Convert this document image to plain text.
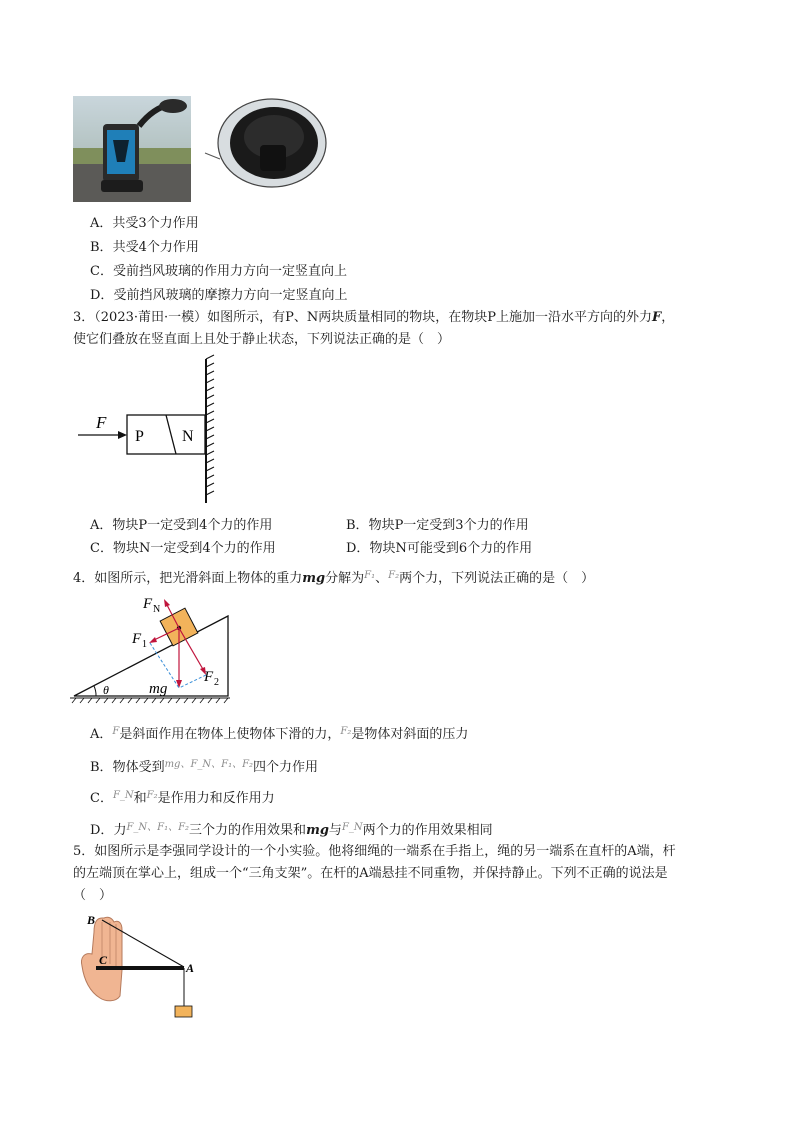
A．共受3个力作用
B．共受4个力作用
C．受前挡风玻璃的作用力方向一定竖直向上
D．受前挡风玻璃的摩擦力方向一定竖直向上
3．（2023·莆田·一模）如图所示，有P、N两块质量相同的物块，在物块P上施加一沿水平方向的外力F，
使它们叠放在竖直面上且处于静止状态，下列说法正确的是（　）
F
P N
A．物块P一定受到4个力的作用	B．物块P一定受到3个力的作用
C．物块N一定受到4个力的作用	D．物块N可能受到6个力的作用
4．如图所示，把光滑斜面上物体的重力mg分解为$^{F_1}$、$^{F_2}$两个力，下列说法正确的是（　）
F N
F 1
F 2
mg
θ
A．$^F$是斜面作用在物体上使物体下滑的力，$^{F_2}$是物体对斜面的压力
B．物体受到$^{mg、F\_N、F_1、F_2}$四个力作用
C．$^{F\_N}$和$^{F_2}$是作用力和反作用力
D．力$^{F\_N、F_1、F_2}$三个力的作用效果和mg与$^{F\_N}$两个力的作用效果相同
5．如图所示是李强同学设计的一个小实验。他将细绳的一端系在手指上，绳的另一端系在直杆的A端，杆
的左端顶在掌心上，组成一个“三角支架”。在杆的A端悬挂不同重物，并保持静止。下列不正确的说法是
（　）
B
C
A
